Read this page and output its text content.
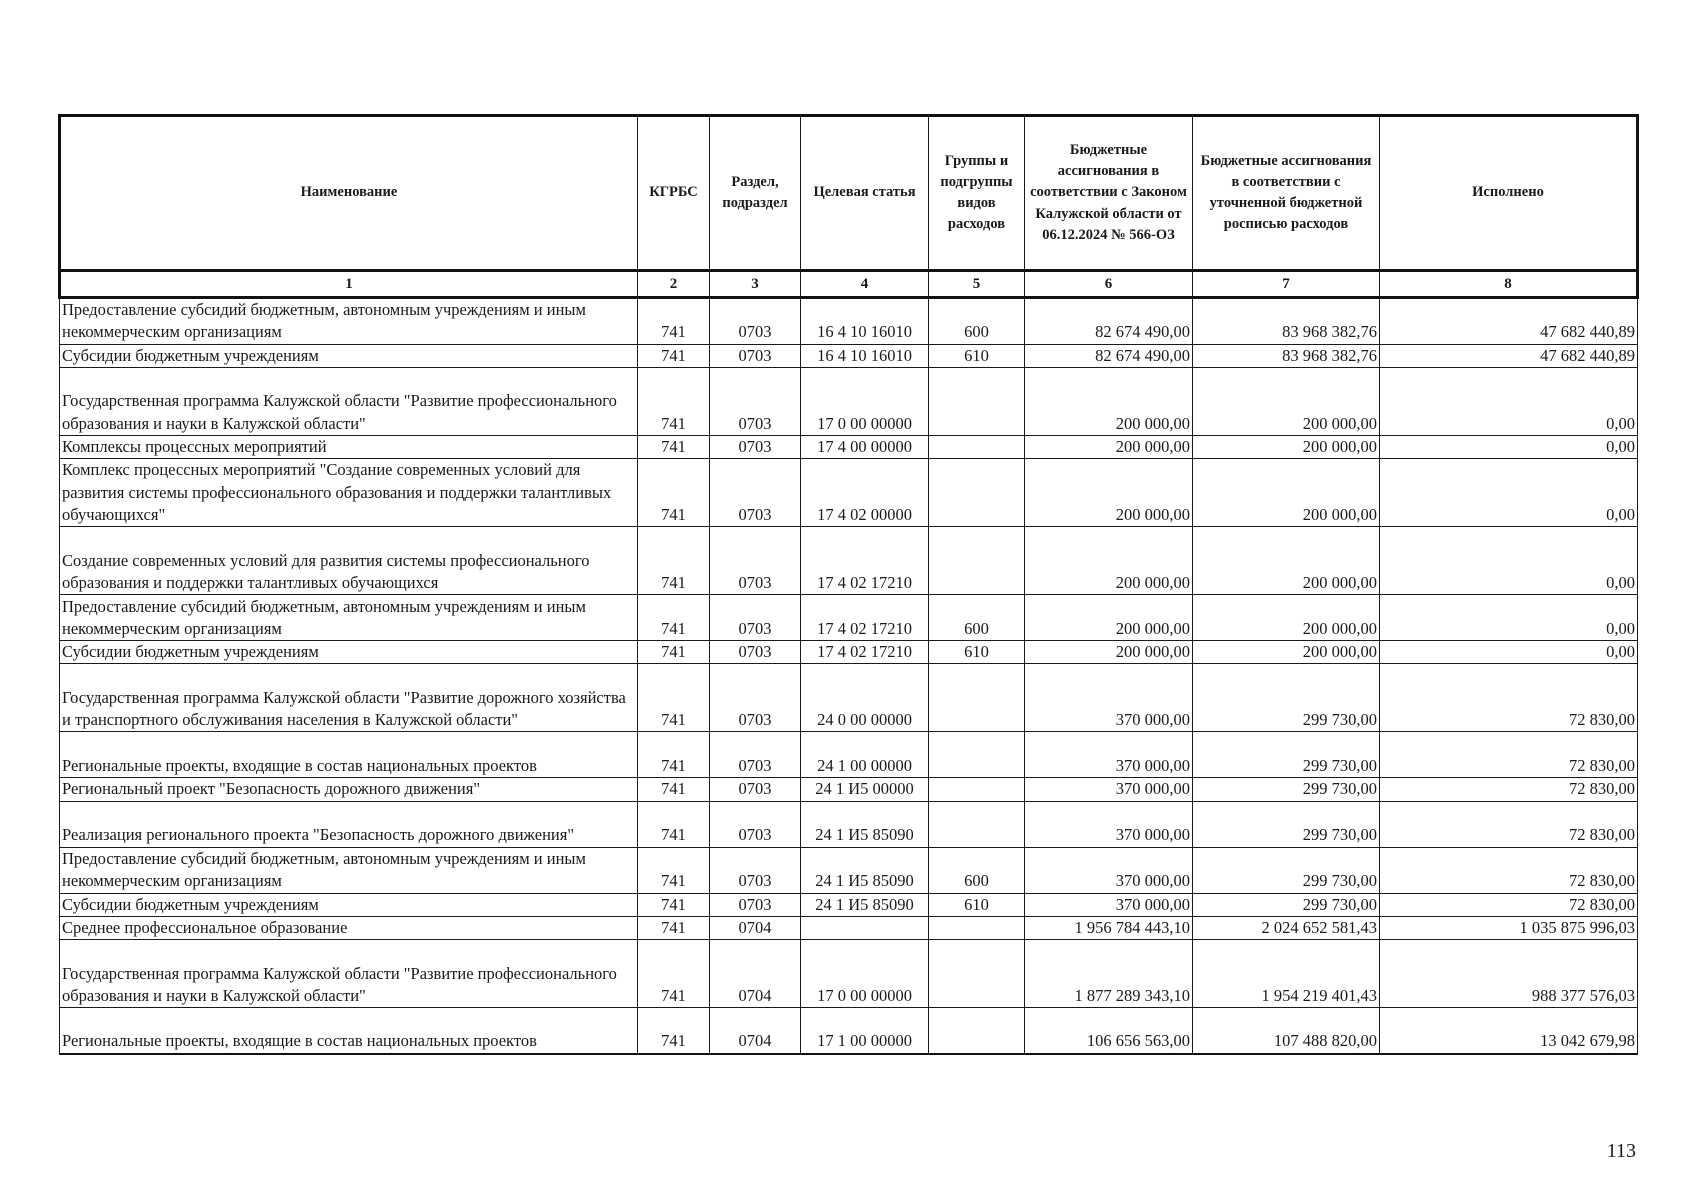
Наименование	КГРБС	Раздел, подраздел	Целевая статья	Группы и подгруппы видов расходов	Бюджетные ассигнования в соответствии с Законом Калужской области от 06.12.2024 № 566-ОЗ	Бюджетные ассигнования в соответствии с уточненной бюджетной росписью расходов	Исполнено
1	2	3	4	5	6	7	8
Предоставление субсидий бюджетным, автономным учреждениям и иным некоммерческим организациям	741	0703	16 4 10 16010	600	82 674 490,00	83 968 382,76	47 682 440,89
Субсидии бюджетным учреждениям	741	0703	16 4 10 16010	610	82 674 490,00	83 968 382,76	47 682 440,89
Государственная программа Калужской области "Развитие профессионального образования и науки в Калужской области"	741	0703	17 0 00 00000		200 000,00	200 000,00	0,00
Комплексы процессных мероприятий	741	0703	17 4 00 00000		200 000,00	200 000,00	0,00
Комплекс процессных мероприятий "Создание современных условий для развития системы профессионального образования и поддержки талантливых обучающихся"	741	0703	17 4 02 00000		200 000,00	200 000,00	0,00
Создание современных условий для развития системы профессионального образования и поддержки талантливых обучающихся	741	0703	17 4 02 17210		200 000,00	200 000,00	0,00
Предоставление субсидий бюджетным, автономным учреждениям и иным некоммерческим организациям	741	0703	17 4 02 17210	600	200 000,00	200 000,00	0,00
Субсидии бюджетным учреждениям	741	0703	17 4 02 17210	610	200 000,00	200 000,00	0,00
Государственная программа Калужской области "Развитие дорожного хозяйства и транспортного обслуживания населения в Калужской области"	741	0703	24 0 00 00000		370 000,00	299 730,00	72 830,00
Региональные проекты, входящие в состав национальных проектов	741	0703	24 1 00 00000		370 000,00	299 730,00	72 830,00
Региональный проект "Безопасность дорожного движения"	741	0703	24 1 И5 00000		370 000,00	299 730,00	72 830,00
Реализация регионального проекта "Безопасность дорожного движения"	741	0703	24 1 И5 85090		370 000,00	299 730,00	72 830,00
Предоставление субсидий бюджетным, автономным учреждениям и иным некоммерческим организациям	741	0703	24 1 И5 85090	600	370 000,00	299 730,00	72 830,00
Субсидии бюджетным учреждениям	741	0703	24 1 И5 85090	610	370 000,00	299 730,00	72 830,00
Среднее профессиональное образование	741	0704			1 956 784 443,10	2 024 652 581,43	1 035 875 996,03
Государственная программа Калужской области "Развитие профессионального образования и науки в Калужской области"	741	0704	17 0 00 00000		1 877 289 343,10	1 954 219 401,43	988 377 576,03
Региональные проекты, входящие в состав национальных проектов	741	0704	17 1 00 00000		106 656 563,00	107 488 820,00	13 042 679,98
113
